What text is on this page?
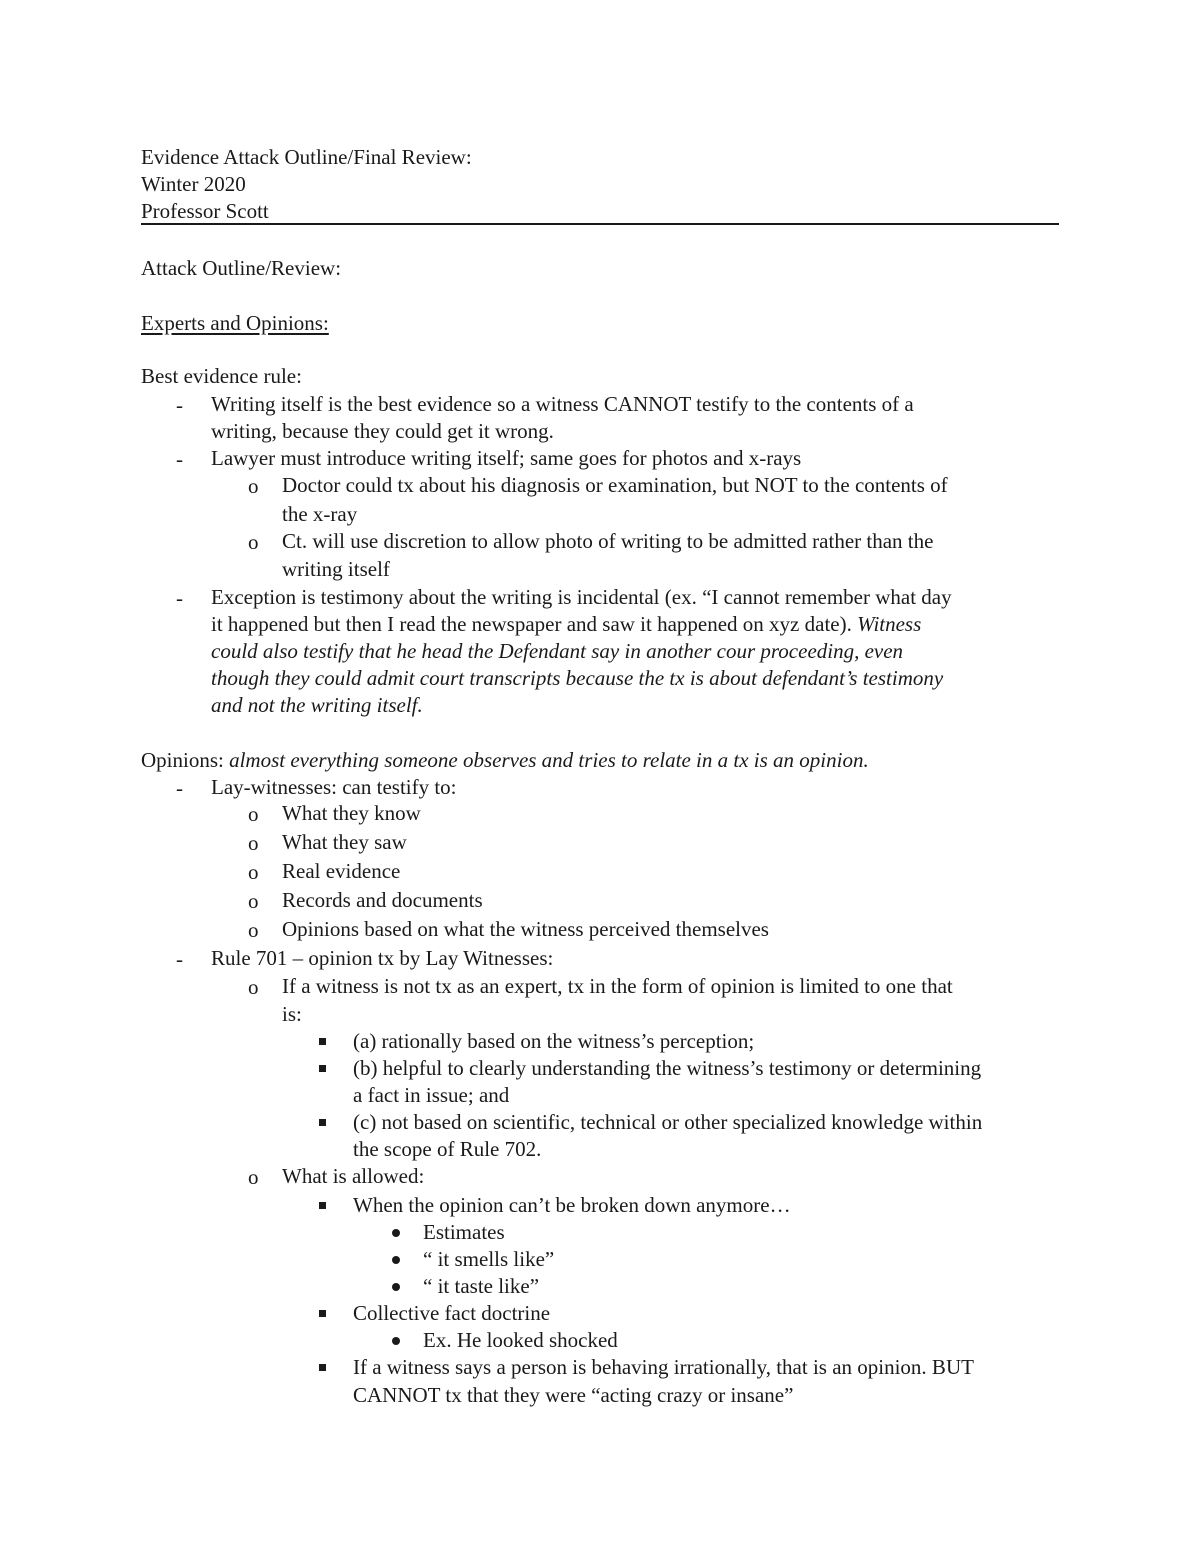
Evidence Attack Outline/Final Review:
Winter 2020
Professor Scott
Attack Outline/Review:
Experts and Opinions:
Best evidence rule:
- Writing itself is the best evidence so a witness CANNOT testify to the contents of a
writing, because they could get it wrong.
- Lawyer must introduce writing itself; same goes for photos and x-rays
o Doctor could tx about his diagnosis or examination, but NOT to the contents of
the x-ray
o Ct. will use discretion to allow photo of writing to be admitted rather than the
writing itself
- Exception is testimony about the writing is incidental (ex. “I cannot remember what day
it happened but then I read the newspaper and saw it happened on xyz date). Witness
could also testify that he head the Defendant say in another cour proceeding, even
though they could admit court transcripts because the tx is about defendant’s testimony
and not the writing itself.
Opinions: almost everything someone observes and tries to relate in a tx is an opinion.
- Lay-witnesses: can testify to:
o What they know
o What they saw
o Real evidence
o Records and documents
o Opinions based on what the witness perceived themselves
- Rule 701 – opinion tx by Lay Witnesses:
o If a witness is not tx as an expert, tx in the form of opinion is limited to one that
is:
(a) rationally based on the witness’s perception;
(b) helpful to clearly understanding the witness’s testimony or determining
a fact in issue; and
(c) not based on scientific, technical or other specialized knowledge within
the scope of Rule 702.
o What is allowed:
When the opinion can’t be broken down anymore…
Estimates
“ it smells like”
“ it taste like”
Collective fact doctrine
Ex. He looked shocked
If a witness says a person is behaving irrationally, that is an opinion. BUT
CANNOT tx that they were “acting crazy or insane”
